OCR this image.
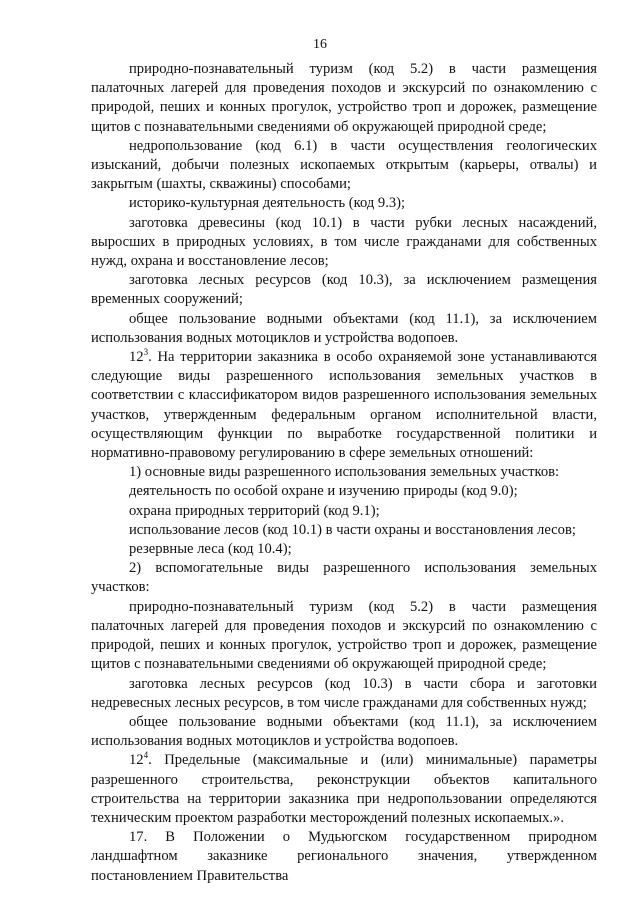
16

природно-познавательный туризм (код 5.2) в части размещения палаточных лагерей для проведения походов и экскурсий по ознакомлению с природой, пеших и конных прогулок, устройство троп и дорожек, размещение щитов с познавательными сведениями об окружающей природной среде;

недропользование (код 6.1) в части осуществления геологических изысканий, добычи полезных ископаемых открытым (карьеры, отвалы) и закрытым (шахты, скважины) способами;

историко-культурная деятельность (код 9.3);

заготовка древесины (код 10.1) в части рубки лесных насаждений, выросших в природных условиях, в том числе гражданами для собственных нужд, охрана и восстановление лесов;

заготовка лесных ресурсов (код 10.3), за исключением размещения временных сооружений;

общее пользование водными объектами (код 11.1), за исключением использования водных мотоциклов и устройства водопоев.

$12^3$. На территории заказника в особо охраняемой зоне устанавливаются следующие виды разрешенного использования земельных участков в соответствии с классификатором видов разрешенного использования земельных участков, утвержденным федеральным органом исполнительной власти, осуществляющим функции по выработке государственной политики и нормативно-правовому регулированию в сфере земельных отношений:

1) основные виды разрешенного использования земельных участков:

деятельность по особой охране и изучению природы (код 9.0);

охрана природных территорий (код 9.1);

использование лесов (код 10.1) в части охраны и восстановления лесов;

резервные леса (код 10.4);

2) вспомогательные виды разрешенного использования земельных участков:

природно-познавательный туризм (код 5.2) в части размещения палаточных лагерей для проведения походов и экскурсий по ознакомлению с природой, пеших и конных прогулок, устройство троп и дорожек, размещение щитов с познавательными сведениями об окружающей природной среде;

заготовка лесных ресурсов (код 10.3) в части сбора и заготовки недревесных лесных ресурсов, в том числе гражданами для собственных нужд;

общее пользование водными объектами (код 11.1), за исключением использования водных мотоциклов и устройства водопоев.

$12^4$. Предельные (максимальные и (или) минимальные) параметры разрешенного строительства, реконструкции объектов капитального строительства на территории заказника при недропользовании определяются техническим проектом разработки месторождений полезных ископаемых.».

17. В Положении о Мудьюгском государственном природном ландшафтном заказнике регионального значения, утвержденном постановлением Правительства
